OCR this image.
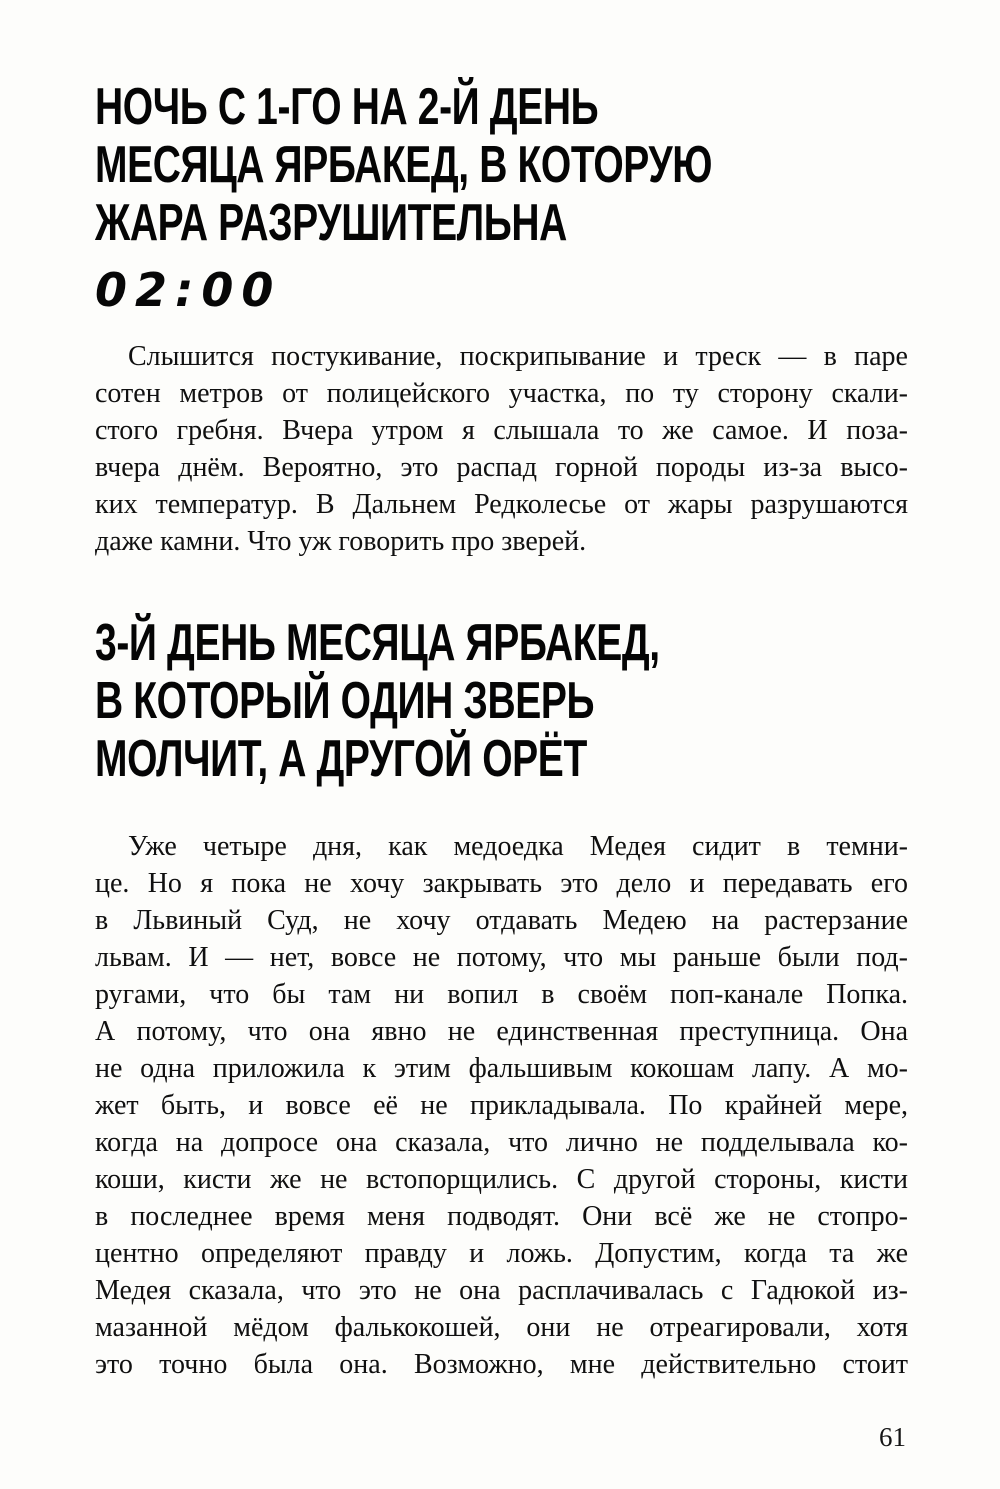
НОЧЬ С 1-ГО НА 2-Й ДЕНЬ
МЕСЯЦА ЯРБАКЕД, В КОТОРУЮ
ЖАРА РАЗРУШИТЕЛЬНА
02:00
Слышится постукивание, поскрипывание и треск — в паре
сотен метров от полицейского участка, по ту сторону скали-
стого гребня. Вчера утром я слышала то же самое. И поза-
вчера днём. Вероятно, это распад горной породы из-за высо-
ких температур. В Дальнем Редколесье от жары разрушаются
даже камни. Что уж говорить про зверей.
3-Й ДЕНЬ МЕСЯЦА ЯРБАКЕД,
В КОТОРЫЙ ОДИН ЗВЕРЬ
МОЛЧИТ, А ДРУГОЙ ОРЁТ
Уже четыре дня, как медоедка Медея сидит в темни-
це. Но я пока не хочу закрывать это дело и передавать его
в Львиный Суд, не хочу отдавать Медею на растерзание
львам. И — нет, вовсе не потому, что мы раньше были под-
ругами, что бы там ни вопил в своём поп-канале Попка.
А потому, что она явно не единственная преступница. Она
не одна приложила к этим фальшивым кокошам лапу. А мо-
жет быть, и вовсе её не прикладывала. По крайней мере,
когда на допросе она сказала, что лично не подделывала ко-
коши, кисти же не встопорщились. С другой стороны, кисти
в последнее время меня подводят. Они всё же не стопро-
центно определяют правду и ложь. Допустим, когда та же
Медея сказала, что это не она расплачивалась с Гадюкой из-
мазанной мёдом фалькокошей, они не отреагировали, хотя
это точно была она. Возможно, мне действительно стоит
61
